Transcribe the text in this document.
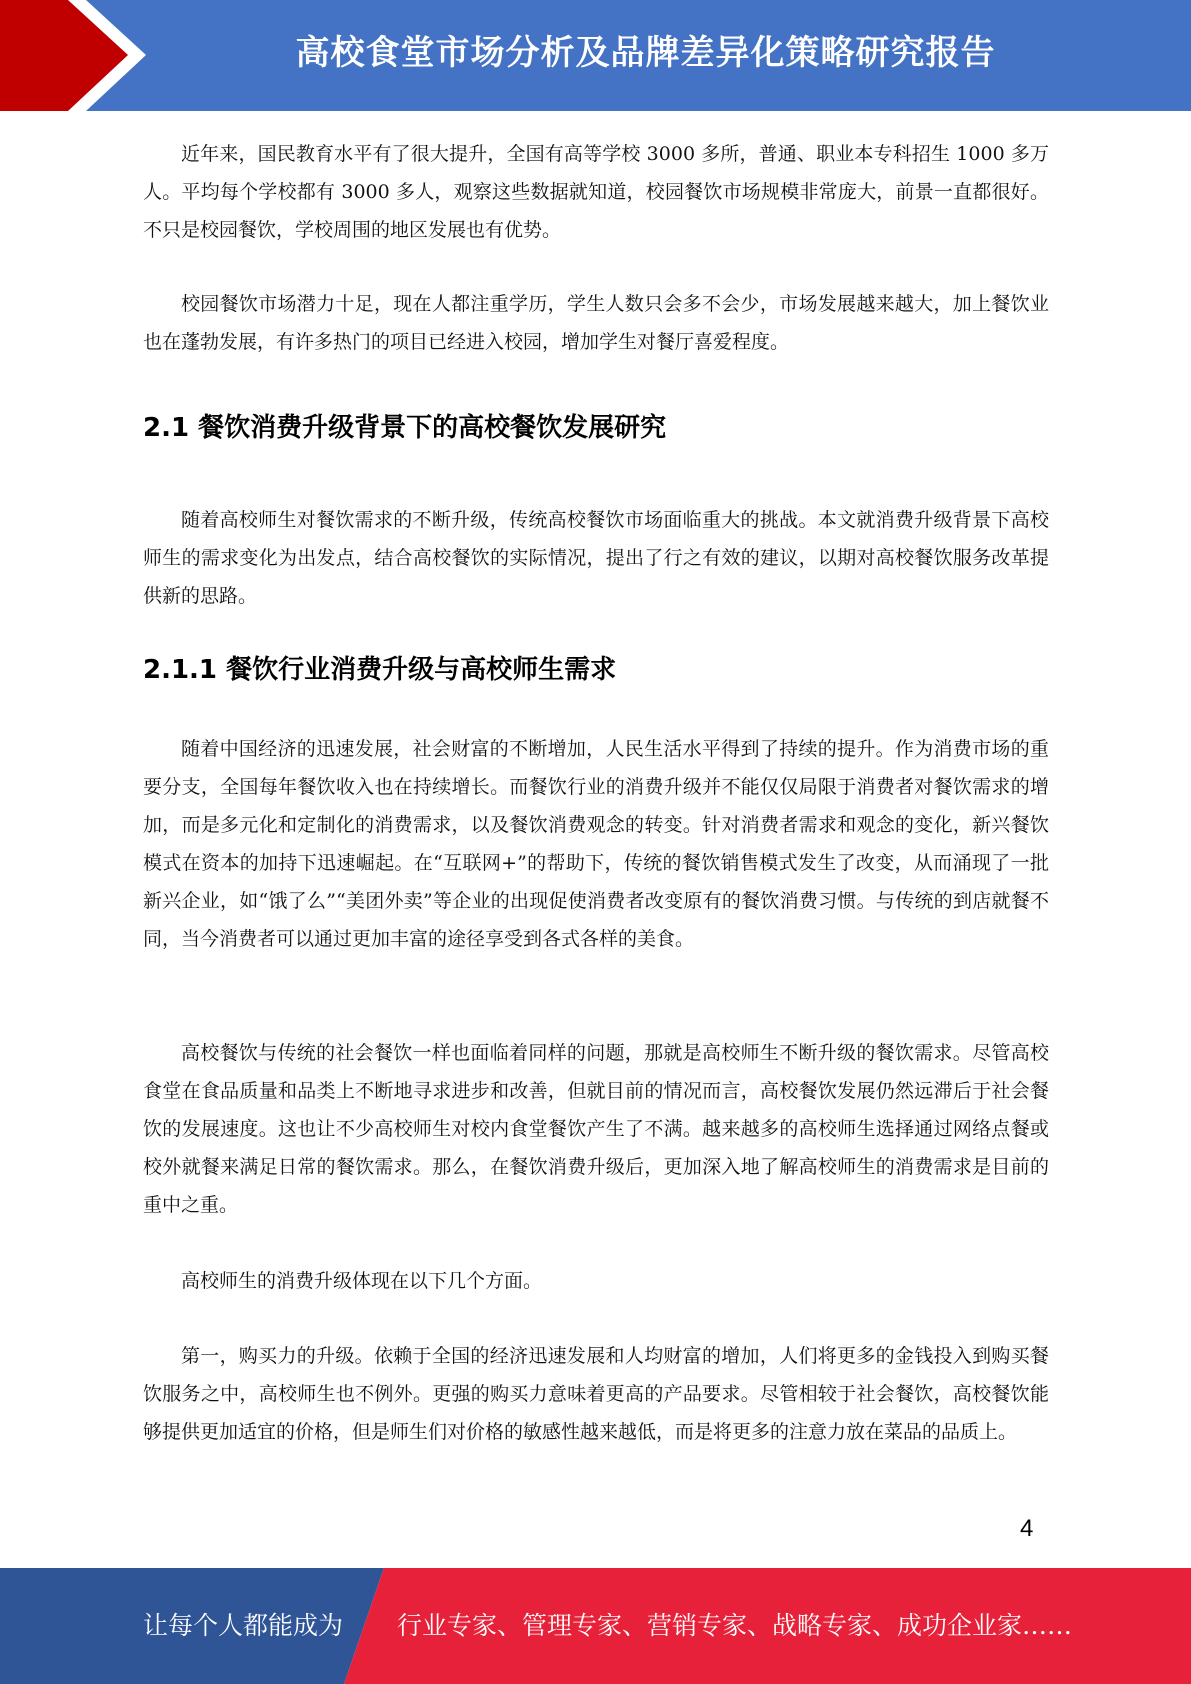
高校食堂市场分析及品牌差异化策略研究报告

近年来，国民教育水平有了很大提升，全国有高等学校 3000 多所，普通、职业本专科招生 1000 多万人。平均每个学校都有 3000 多人，观察这些数据就知道，校园餐饮市场规模非常庞大，前景一直都很好。不只是校园餐饮，学校周围的地区发展也有优势。

校园餐饮市场潜力十足，现在人都注重学历，学生人数只会多不会少，市场发展越来越大，加上餐饮业也在蓬勃发展，有许多热门的项目已经进入校园，增加学生对餐厅喜爱程度。

2.1 餐饮消费升级背景下的高校餐饮发展研究

随着高校师生对餐饮需求的不断升级，传统高校餐饮市场面临重大的挑战。本文就消费升级背景下高校师生的需求变化为出发点，结合高校餐饮的实际情况，提出了行之有效的建议，以期对高校餐饮服务改革提供新的思路。

2.1.1 餐饮行业消费升级与高校师生需求

随着中国经济的迅速发展，社会财富的不断增加，人民生活水平得到了持续的提升。作为消费市场的重要分支，全国每年餐饮收入也在持续增长。而餐饮行业的消费升级并不能仅仅局限于消费者对餐饮需求的增加，而是多元化和定制化的消费需求，以及餐饮消费观念的转变。针对消费者需求和观念的变化，新兴餐饮模式在资本的加持下迅速崛起。在“互联网+”的帮助下，传统的餐饮销售模式发生了改变，从而涌现了一批新兴企业，如“饿了么”“美团外卖”等企业的出现促使消费者改变原有的餐饮消费习惯。与传统的到店就餐不同，当今消费者可以通过更加丰富的途径享受到各式各样的美食。

高校餐饮与传统的社会餐饮一样也面临着同样的问题，那就是高校师生不断升级的餐饮需求。尽管高校食堂在食品质量和品类上不断地寻求进步和改善，但就目前的情况而言，高校餐饮发展仍然远滞后于社会餐饮的发展速度。这也让不少高校师生对校内食堂餐饮产生了不满。越来越多的高校师生选择通过网络点餐或校外就餐来满足日常的餐饮需求。那么，在餐饮消费升级后，更加深入地了解高校师生的消费需求是目前的重中之重。

高校师生的消费升级体现在以下几个方面。

第一，购买力的升级。依赖于全国的经济迅速发展和人均财富的增加，人们将更多的金钱投入到购买餐饮服务之中，高校师生也不例外。更强的购买力意味着更高的产品要求。尽管相较于社会餐饮，高校餐饮能够提供更加适宜的价格，但是师生们对价格的敏感性越来越低，而是将更多的注意力放在菜品的品质上。

4
让每个人都能成为 行业专家、管理专家、营销专家、战略专家、成功企业家……
